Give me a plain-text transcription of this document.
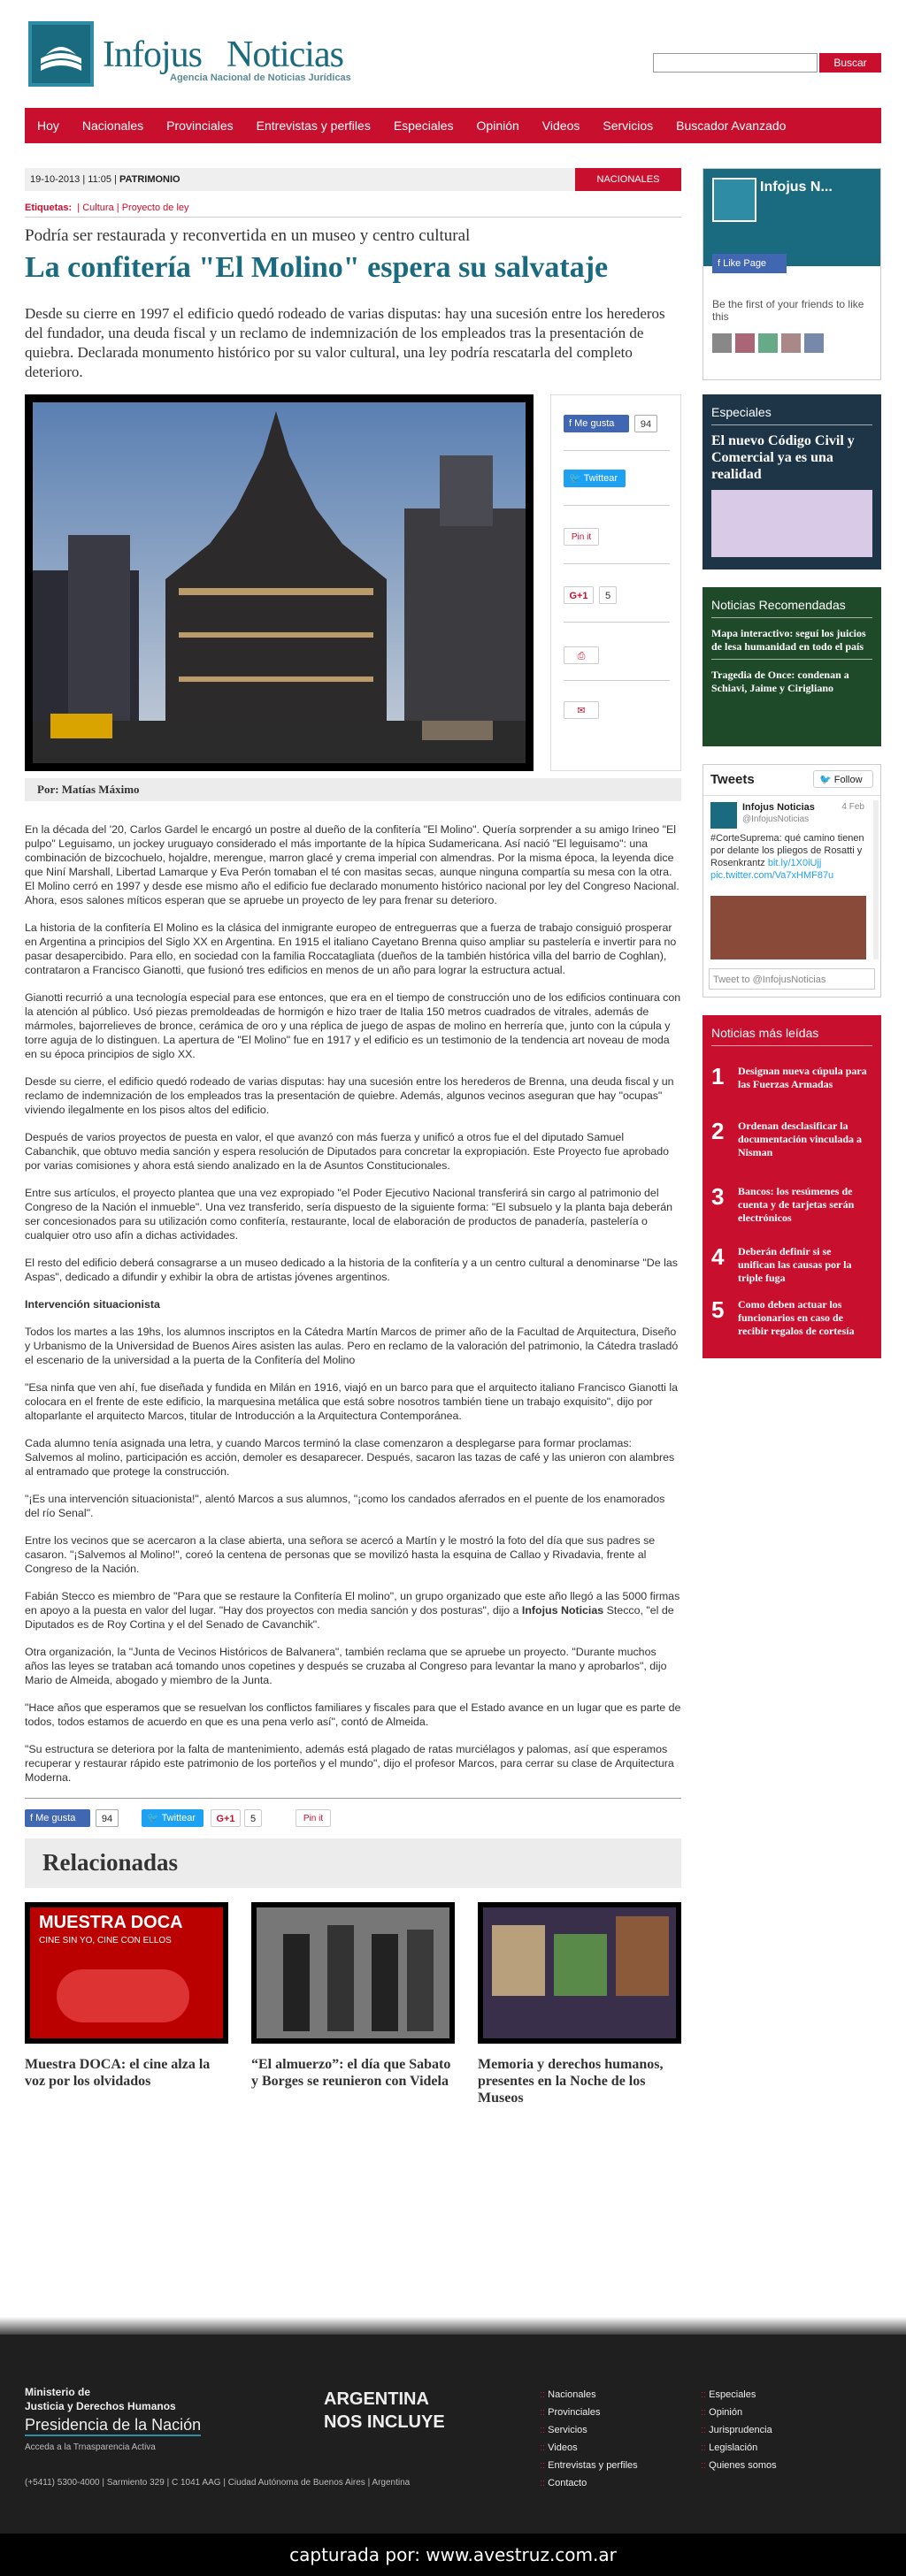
Infojus Noticias
Agencia Nacional de Noticias Jurídicas
Buscar
Hoy Nacionales Provinciales Entrevistas y perfiles Especiales Opinión Videos Servicios Buscador Avanzado
19-10-2013 | 11:05 | PATRIMONIO	NACIONALES
Etiquetas:  | Cultura | Proyecto de ley
Podría ser restaurada y reconvertida en un museo y centro cultural
La confitería "El Molino" espera su salvataje
Desde su cierre en 1997 el edificio quedó rodeado de varias disputas: hay una sucesión entre los herederos del fundador, una deuda fiscal y un reclamo de indemnización de los empleados tras la presentación de quiebra. Declarada monumento histórico por su valor cultural, una ley podría rescatarla del completo deterioro.
f Me gusta	94
🐦 Twittear
Pin it
G+1	5
⎙
✉
Por: Matías Máximo

En la década del '20, Carlos Gardel le encargó un postre al dueño de la confitería "El Molino". Quería sorprender a su amigo Irineo "El pulpo" Leguisamo, un jockey uruguayo considerado el más importante de la hípica Sudamericana. Así nació "El leguisamo": una combinación de bizcochuelo, hojaldre, merengue, marron glacé y crema imperial con almendras. Por la misma época, la leyenda dice que Niní Marshall, Libertad Lamarque y Eva Perón tomaban el té con masitas secas, aunque ninguna compartía su mesa con la otra. El Molino cerró en 1997 y desde ese mismo año el edificio fue declarado monumento histórico nacional por ley del Congreso Nacional. Ahora, esos salones míticos esperan que se apruebe un proyecto de ley para frenar su deterioro.

La historia de la confitería El Molino es la clásica del inmigrante europeo de entreguerras que a fuerza de trabajo consiguió prosperar en Argentina a principios del Siglo XX en Argentina. En 1915 el italiano Cayetano Brenna quiso ampliar su pastelería e invertir para no pasar desapercibido. Para ello, en sociedad con la familia Roccatagliata (dueños de la también histórica villa del barrio de Coghlan), contrataron a Francisco Gianotti, que fusionó tres edificios en menos de un año para lograr la estructura actual.

Gianotti recurrió a una tecnología especial para ese entonces, que era en el tiempo de construcción uno de los edificios continuara con la atención al público. Usó piezas premoldeadas de hormigón e hizo traer de Italia 150 metros cuadrados de vitrales, además de mármoles, bajorrelieves de bronce, cerámica de oro y una réplica de juego de aspas de molino en herrería que, junto con la cúpula y torre aguja de lo distinguen. La apertura de "El Molino" fue en 1917 y el edificio es un testimonio de la tendencia art noveau de moda en su época principios de siglo XX.

Desde su cierre, el edificio quedó rodeado de varias disputas: hay una sucesión entre los herederos de Brenna, una deuda fiscal y un reclamo de indemnización de los empleados tras la presentación de quiebre. Además, algunos vecinos aseguran que hay "ocupas" viviendo ilegalmente en los pisos altos del edificio.

Después de varios proyectos de puesta en valor, el que avanzó con más fuerza y unificó a otros fue el del diputado Samuel Cabanchik, que obtuvo media sanción y espera resolución de Diputados para concretar la expropiación. Este Proyecto fue aprobado por varias comisiones y ahora está siendo analizado en la de Asuntos Constitucionales.

Entre sus artículos, el proyecto plantea que una vez expropiado "el Poder Ejecutivo Nacional transferirá sin cargo al patrimonio del Congreso de la Nación el inmueble". Una vez transferido, sería dispuesto de la siguiente forma: "El subsuelo y la planta baja deberán ser concesionados para su utilización como confitería, restaurante, local de elaboración de productos de panadería, pastelería o cualquier otro uso afín a dichas actividades.

El resto del edificio deberá consagrarse a un museo dedicado a la historia de la confitería y a un centro cultural a denominarse "De las Aspas", dedicado a difundir y exhibir la obra de artistas jóvenes argentinos.

Intervención situacionista

Todos los martes a las 19hs, los alumnos inscriptos en la Cátedra Martín Marcos de primer año de la Facultad de Arquitectura, Diseño y Urbanismo de la Universidad de Buenos Aires asisten las aulas. Pero en reclamo de la valoración del patrimonio, la Cátedra trasladó el escenario de la universidad a la puerta de la Confitería del Molino

"Esa ninfa que ven ahí, fue diseñada y fundida en Milán en 1916, viajó en un barco para que el arquitecto italiano Francisco Gianotti la colocara en el frente de este edificio, la marquesina metálica que está sobre nosotros también tiene un trabajo exquisito", dijo por altoparlante el arquitecto Marcos, titular de Introducción a la Arquitectura Contemporánea.

Cada alumno tenía asignada una letra, y cuando Marcos terminó la clase comenzaron a desplegarse para formar proclamas: Salvemos al molino, participación es acción, demoler es desaparecer. Después, sacaron las tazas de café y las unieron con alambres al entramado que protege la construcción.

"¡Es una intervención situacionista!", alentó Marcos a sus alumnos, "¡como los candados aferrados en el puente de los enamorados del río Senal".

Entre los vecinos que se acercaron a la clase abierta, una señora se acercó a Martín y le mostró la foto del día que sus padres se casaron. "¡Salvemos al Molino!", coreó la centena de personas que se movilizó hasta la esquina de Callao y Rivadavia, frente al Congreso de la Nación.

Fabián Stecco es miembro de "Para que se restaure la Confitería El molino", un grupo organizado que este año llegó a las 5000 firmas en apoyo a la puesta en valor del lugar. "Hay dos proyectos con media sanción y dos posturas", dijo a Infojus Noticias Stecco, "el de Diputados es de Roy Cortina y el del Senado de Cavanchik".

Otra organización, la "Junta de Vecinos Históricos de Balvanera", también reclama que se apruebe un proyecto. "Durante muchos años las leyes se trataban acá tomando unos copetines y después se cruzaba al Congreso para levantar la mano y aprobarlos", dijo Mario de Almeida, abogado y miembro de la Junta.

"Hace años que esperamos que se resuelvan los conflictos familiares y fiscales para que el Estado avance en un lugar que es parte de todos, todos estamos de acuerdo en que es una pena verlo así", contó de Almeida.

"Su estructura se deteriora por la falta de mantenimiento, además está plagado de ratas murciélagos y palomas, así que esperamos recuperar y restaurar rápido este patrimonio de los porteños y el mundo", dijo el profesor Marcos, para cerrar su clase de Arquitectura Moderna.

f Me gusta	94	🐦 Twittear	G+1	5	Pin it
Relacionadas
MUESTRA DOCA
CINE SIN YO, CINE CON ELLOS
Muestra DOCA: el cine alza la voz por los olvidados
“El almuerzo”: el día que Sabato y Borges se reunieron con Videla
Memoria y derechos humanos, presentes en la Noche de los Museos
Infojus N...
f Like Page
Be the first of your friends to like this
Especiales
El nuevo Código Civil y Comercial ya es una realidad
Noticias Recomendadas
Mapa interactivo: seguí los juicios de lesa humanidad en todo el país
Tragedia de Once: condenan a Schiavi, Jaime y Cirigliano
Tweets	🐦 Follow
Infojus Noticias	4 Feb
@InfojusNoticias
#CorteSuprema: qué camino tienen por delante los pliegos de Rosatti y Rosenkrantz bit.ly/1X0iUjj pic.twitter.com/Va7xHMF87u
Tweet to @InfojusNoticias
Noticias más leídas
1 Designan nueva cúpula para las Fuerzas Armadas
2 Ordenan desclasificar la documentación vinculada a Nisman
3 Bancos: los resúmenes de cuenta y de tarjetas serán electrónicos
4 Deberán definir si se unifican las causas por la triple fuga
5 Como deben actuar los funcionarios en caso de recibir regalos de cortesía
Ministerio de
Justicia y Derechos Humanos
Presidencia de la Nación
Acceda a la Trnasparencia Activa
ARGENTINA
NOS INCLUYE
(+5411) 5300-4000 | Sarmiento 329 | C 1041 AAG | Ciudad Autónoma de Buenos Aires | Argentina
:: Nacionales
:: Provinciales
:: Servicios
:: Videos
:: Entrevistas y perfiles
:: Contacto
:: Especiales
:: Opinión
:: Jurisprudencia
:: Legislación
:: Quienes somos
capturada por: www.avestruz.com.ar
